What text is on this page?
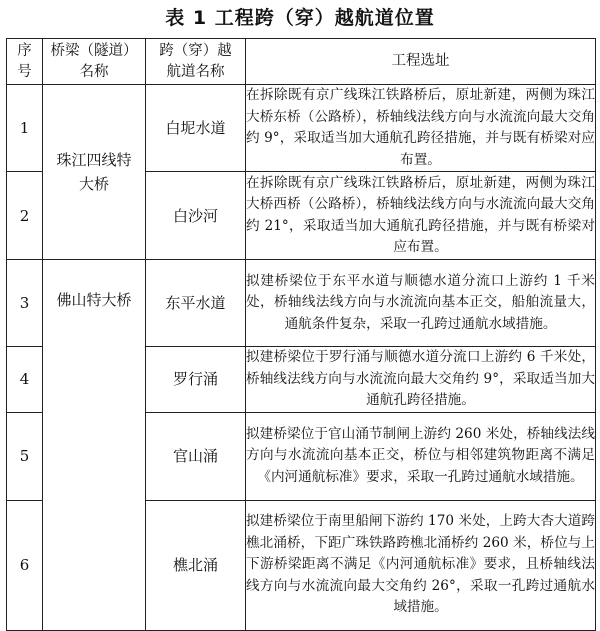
表 1 工程跨（穿）越航道位置
序号	桥梁（隧道）名称	跨（穿）越航道名称	工程选址
1	珠江四线特大桥	白坭水道	在拆除既有京广线珠江铁路桥后，原址新建，两侧为珠江大桥东桥（公路桥），桥轴线法线方向与水流流向最大交角约 9°，采取适当加大通航孔跨径措施，并与既有桥梁对应布置。
2		白沙河	在拆除既有京广线珠江铁路桥后，原址新建，两侧为珠江大桥西桥（公路桥），桥轴线法线方向与水流流向最大交角约 21°，采取适当加大通航孔跨径措施，并与既有桥梁对应布置。
3	佛山特大桥	东平水道	拟建桥梁位于东平水道与顺德水道分流口上游约 1 千米处，桥轴线法线方向与水流流向基本正交，船舶流量大，通航条件复杂，采取一孔跨过通航水域措施。
4		罗行涌	拟建桥梁位于罗行涌与顺德水道分流口上游约 6 千米处，桥轴线法线方向与水流流向最大交角约 9°，采取适当加大通航孔跨径措施。
5		官山涌	拟建桥梁位于官山涌节制闸上游约 260 米处，桥轴线法线方向与水流流向基本正交，桥位与相邻建筑物距离不满足《内河通航标准》要求，采取一孔跨过通航水域措施。
6		樵北涌	拟建桥梁位于南里船闸下游约 170 米处，上跨大杏大道跨樵北涌桥，下距广珠铁路跨樵北涌桥约 260 米，桥位与上下游桥梁距离不满足《内河通航标准》要求，且桥轴线法线方向与水流流向最大交角约 26°，采取一孔跨过通航水域措施。
